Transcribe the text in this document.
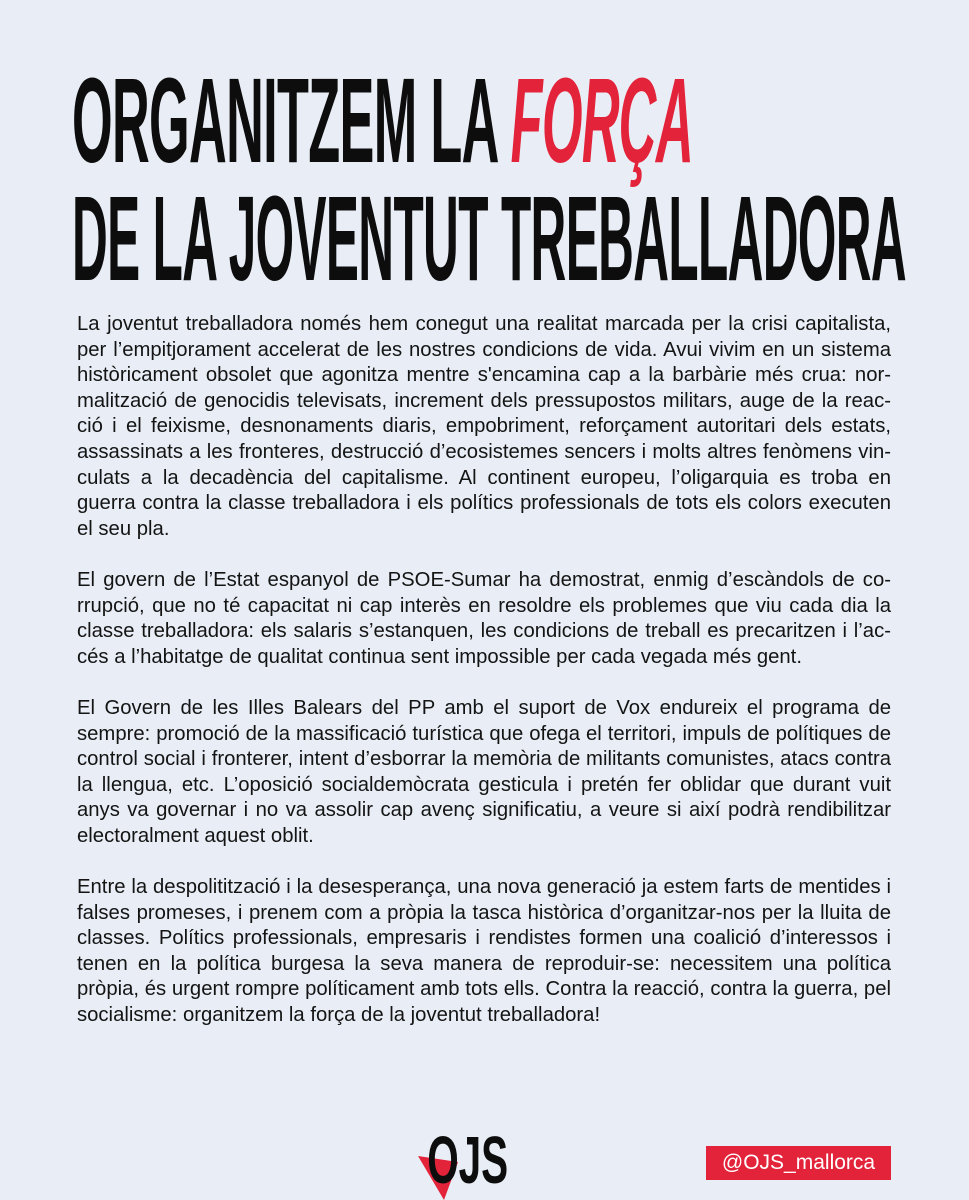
ORGANITZEM LA FORÇA
DE LA JOVENTUT TREBALLADORA

La joventut treballadora només hem conegut una realitat marcada per la crisi capitalista, per l’empitjorament accelerat de les nostres condicions de vida. Avui vivim en un sistema històricament obsolet que agonitza mentre s'encamina cap a la barbàrie més crua: normalització de genocidis televisats, increment dels pressupostos militars, auge de la reacció i el feixisme, desnonaments diaris, empobriment, reforçament autoritari dels estats, assassinats a les fronteres, destrucció d’ecosistemes sencers i molts altres fenòmens vinculats a la decadència del capitalisme. Al continent europeu, l’oligarquia es troba en guerra contra la classe treballadora i els polítics professionals de tots els colors executen el seu pla.

El govern de l’Estat espanyol de PSOE-Sumar ha demostrat, enmig d’escàndols de corrupció, que no té capacitat ni cap interès en resoldre els problemes que viu cada dia la classe treballadora: els salaris s’estanquen, les condicions de treball es precaritzen i l’accés a l’habitatge de qualitat continua sent impossible per cada vegada més gent.

El Govern de les Illes Balears del PP amb el suport de Vox endureix el programa de sempre: promoció de la massificació turística que ofega el territori, impuls de polítiques de control social i fronterer, intent d’esborrar la memòria de militants comunistes, atacs contra la llengua, etc. L’oposició socialdemòcrata gesticula i pretén fer oblidar que durant vuit anys va governar i no va assolir cap avenç significatiu, a veure si així podrà rendibilitzar electoralment aquest oblit.

Entre la despolitització i la desesperança, una nova generació ja estem farts de mentides i falses promeses, i prenem com a pròpia la tasca històrica d’organitzar-nos per la lluita de classes. Polítics professionals, empresaris i rendistes formen una coalició d’interessos i tenen en la política burgesa la seva manera de reproduir-se: necessitem una política pròpia, és urgent rompre políticament amb tots ells. Contra la reacció, contra la guerra, pel socialisme: organitzem la força de la joventut treballadora!

OJS	@OJS_mallorca
